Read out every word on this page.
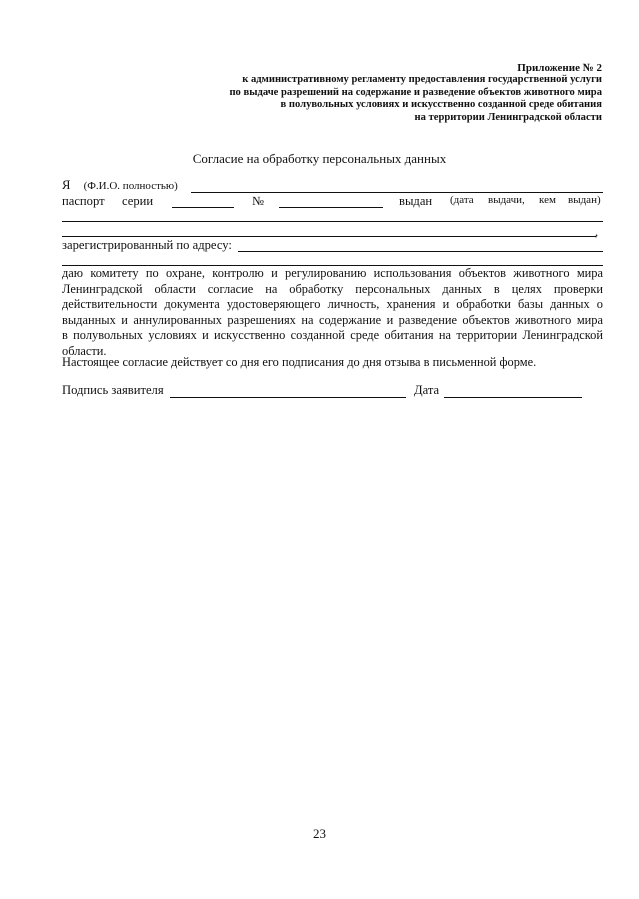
Приложение № 2
к административному регламенту предоставления государственной услуги
по выдаче разрешений на содержание и разведение объектов животного мира
в полувольных условиях и искусственно созданной среде обитания
на территории Ленинградской области
Согласие на обработку персональных данных
Я (Ф.И.О. полностью)
паспорт серии	№	выдан (дата выдачи, кем выдан)
,
зарегистрированный по адресу:
даю комитету по охране, контролю и регулированию использования объектов животного мира
Ленинградской области согласие на обработку персональных данных в целях проверки
действительности документа удостоверяющего личность, хранения и обработки базы данных о
выданных и аннулированных разрешениях на содержание и разведение объектов животного мира
в полувольных условиях и искусственно созданной среде обитания на территории Ленинградской
области.
Настоящее согласие действует со дня его подписания до дня отзыва в письменной форме.
Подпись заявителя	Дата
23
